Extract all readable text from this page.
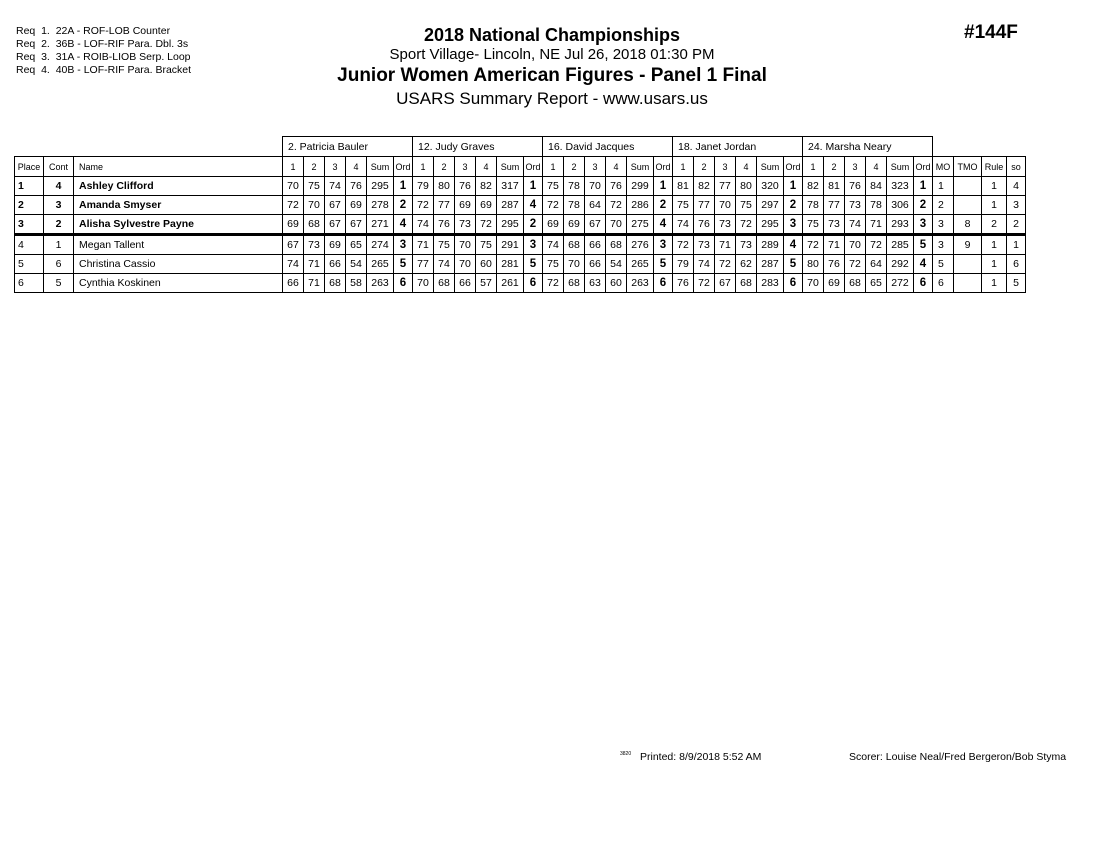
Req  1.  22A - ROF-LOB Counter
Req  2.  36B - LOF-RIF Para. Dbl. 3s
Req  3.  31A - ROIB-LIOB Serp. Loop
Req  4.  40B - LOF-RIF Para. Bracket
2018 National Championships
Sport Village- Lincoln, NE Jul 26, 2018 01:30 PM
Junior Women American Figures - Panel 1 Final
USARS Summary Report - www.usars.us
#144F
			2. Patricia Bauler						12. Judy Graves						16. David Jacques						18. Janet Jordan						24. Marsha Neary									
Place	Cont	Name	1	2	3	4	Sum	Ord	1	2	3	4	Sum	Ord	1	2	3	4	Sum	Ord	1	2	3	4	Sum	Ord	1	2	3	4	Sum	Ord	MO	TMO	Rule	so
1	4	Ashley Clifford	70	75	74	76	295	1	79	80	76	82	317	1	75	78	70	76	299	1	81	82	77	80	320	1	82	81	76	84	323	1	1		1	4
2	3	Amanda Smyser	72	70	67	69	278	2	72	77	69	69	287	4	72	78	64	72	286	2	75	77	70	75	297	2	78	77	73	78	306	2	2		1	3
3	2	Alisha Sylvestre Payne	69	68	67	67	271	4	74	76	73	72	295	2	69	69	67	70	275	4	74	76	73	72	295	3	75	73	74	71	293	3	3	8	2	2
4	1	Megan Tallent	67	73	69	65	274	3	71	75	70	75	291	3	74	68	66	68	276	3	72	73	71	73	289	4	72	71	70	72	285	5	3	9	1	1
5	6	Christina Cassio	74	71	66	54	265	5	77	74	70	60	281	5	75	70	66	54	265	5	79	74	72	62	287	5	80	76	72	64	292	4	5		1	6
6	5	Cynthia Koskinen	66	71	68	58	263	6	70	68	66	57	261	6	72	68	63	60	263	6	76	72	67	68	283	6	70	69	68	65	272	6	6		1	5
3820 Printed: 8/9/2018 5:52 AM	Scorer: Louise Neal/Fred Bergeron/Bob Styma
